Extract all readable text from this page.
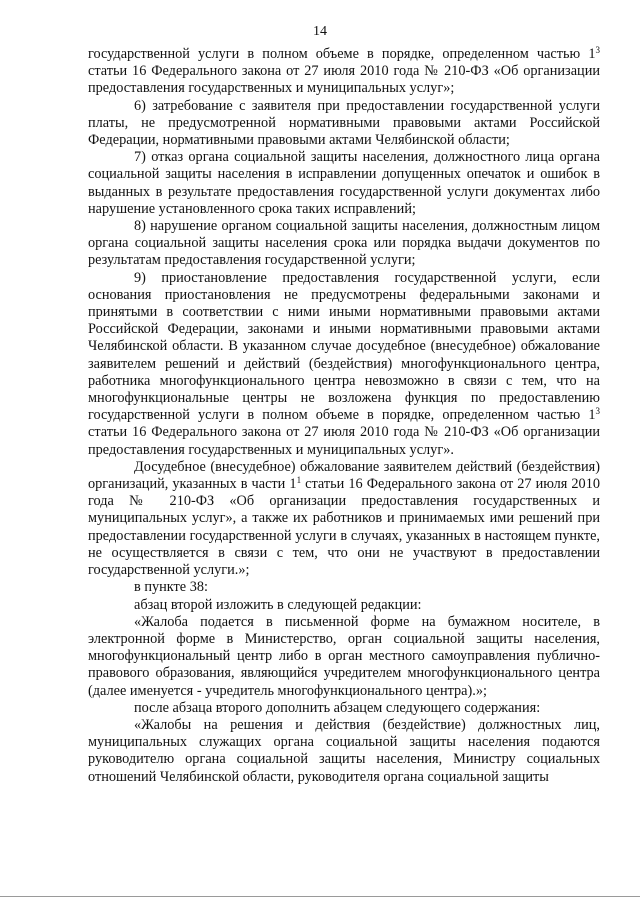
14

государственной услуги в полном объеме в порядке, определенном частью $1^3$ статьи 16 Федерального закона от 27 июля 2010 года № 210-ФЗ «Об организации предоставления государственных и муниципальных услуг»;

6) затребование с заявителя при предоставлении государственной услуги платы, не предусмотренной нормативными правовыми актами Российской Федерации, нормативными правовыми актами Челябинской области;

7) отказ органа социальной защиты населения, должностного лица органа социальной защиты населения в исправлении допущенных опечаток и ошибок в выданных в результате предоставления государственной услуги документах либо нарушение установленного срока таких исправлений;

8) нарушение органом социальной защиты населения, должностным лицом органа социальной защиты населения срока или порядка выдачи документов по результатам предоставления государственной услуги;

9) приостановление предоставления государственной услуги, если основания приостановления не предусмотрены федеральными законами и принятыми в соответствии с ними иными нормативными правовыми актами Российской Федерации, законами и иными нормативными правовыми актами Челябинской области. В указанном случае досудебное (внесудебное) обжалование заявителем решений и действий (бездействия) многофункционального центра, работника многофункционального центра невозможно в связи с тем, что на многофункциональные центры не возложена функция по предоставлению государственной услуги в полном объеме в порядке, определенном частью $1^3$ статьи 16 Федерального закона от 27 июля 2010 года № 210-ФЗ «Об организации предоставления государственных и муниципальных услуг».

Досудебное (внесудебное) обжалование заявителем действий (бездействия) организаций, указанных в части $1^1$ статьи 16 Федерального закона от 27 июля 2010 года № 210-ФЗ «Об организации предоставления государственных и муниципальных услуг», а также их работников и принимаемых ими решений при предоставлении государственной услуги в случаях, указанных в настоящем пункте, не осуществляется в связи с тем, что они не участвуют в предоставлении государственной услуги.»;

в пункте 38:

абзац второй изложить в следующей редакции:

«Жалоба подается в письменной форме на бумажном носителе, в электронной форме в Министерство, орган социальной защиты населения, многофункциональный центр либо в орган местного самоуправления публично-правового образования, являющийся учредителем многофункционального центра (далее именуется - учредитель многофункционального центра).»;

после абзаца второго дополнить абзацем следующего содержания:

«Жалобы на решения и действия (бездействие) должностных лиц, муниципальных служащих органа социальной защиты населения подаются руководителю органа социальной защиты населения, Министру социальных отношений Челябинской области, руководителя органа социальной защиты
